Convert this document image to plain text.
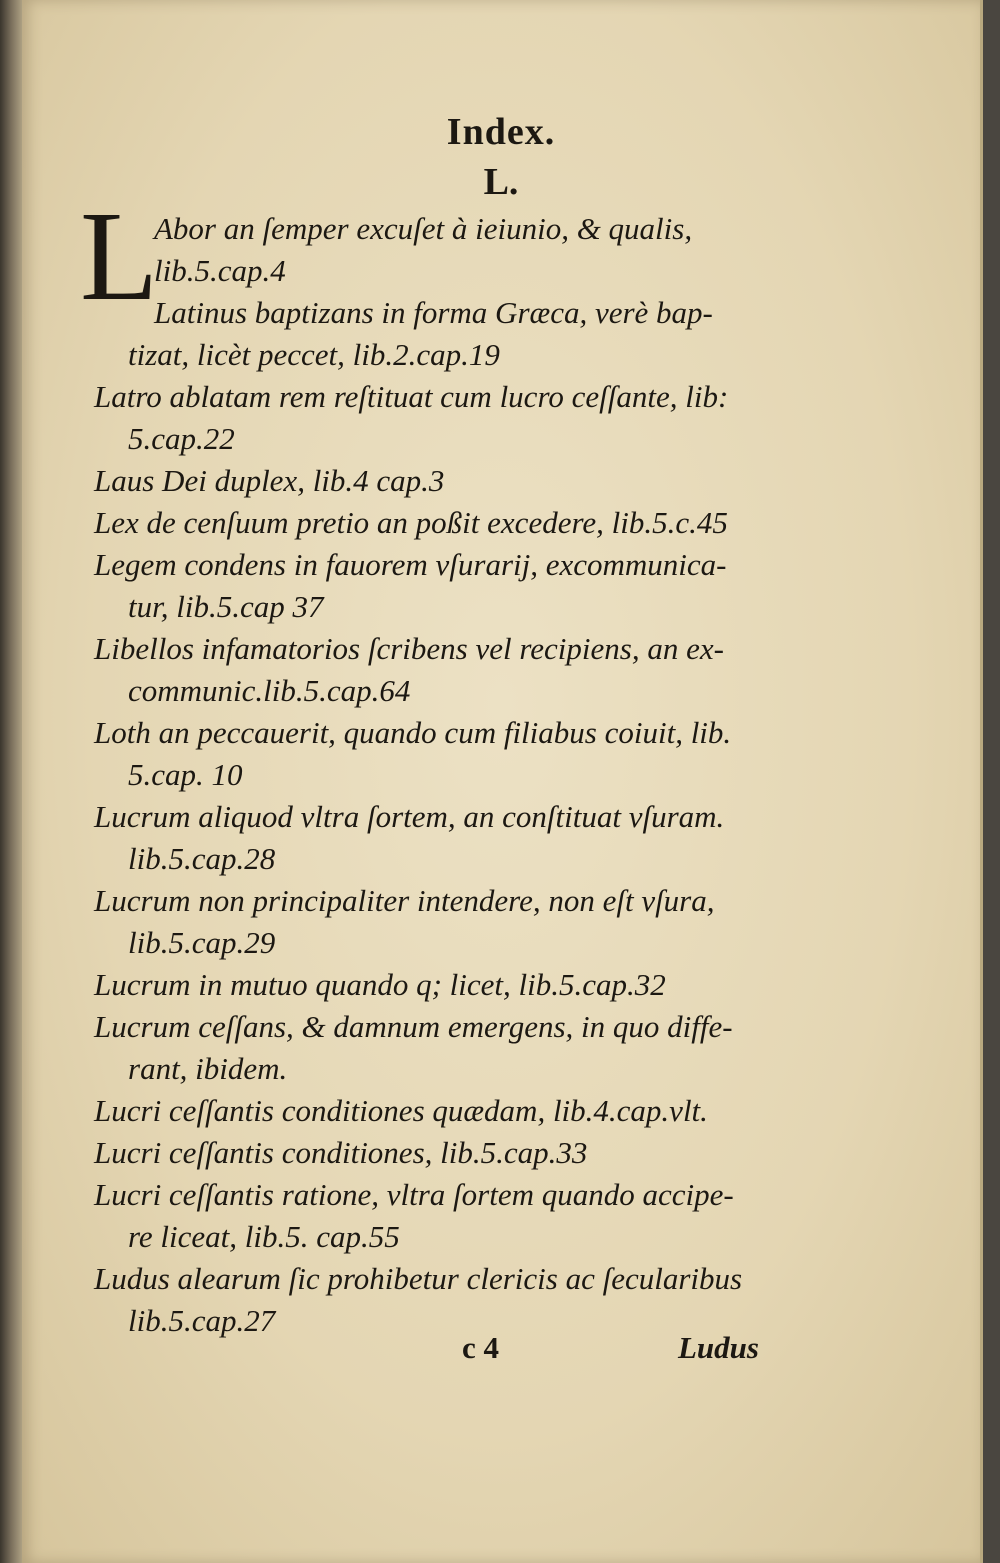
Index.
L.
L
Abor an ſemper excuſet à ieiunio, & qualis,
lib.5.cap.4
Latinus baptizans in forma Græca, verè bap-
tizat, licèt peccet, lib.2.cap.19
Latro ablatam rem reſtituat cum lucro ceſſante, lib:
5.cap.22
Laus Dei duplex, lib.4 cap.3
Lex de cenſuum pretio an poßit excedere, lib.5.c.45
Legem condens in fauorem vſurarij, excommunica-
tur, lib.5.cap 37
Libellos infamatorios ſcribens vel recipiens, an ex-
communic.lib.5.cap.64
Loth an peccauerit, quando cum filiabus coiuit, lib.
5.cap. 10
Lucrum aliquod vltra ſortem, an conſtituat vſuram.
lib.5.cap.28
Lucrum non principaliter intendere, non eſt vſura,
lib.5.cap.29
Lucrum in mutuo quando q; licet, lib.5.cap.32
Lucrum ceſſans, & damnum emergens, in quo diffe-
rant, ibidem.
Lucri ceſſantis conditiones quædam, lib.4.cap.vlt.
Lucri ceſſantis conditiones, lib.5.cap.33
Lucri ceſſantis ratione, vltra ſortem quando accipe-
re liceat, lib.5. cap.55
Ludus alearum ſic prohibetur clericis ac ſecularibus
lib.5.cap.27
c 4	Ludus
